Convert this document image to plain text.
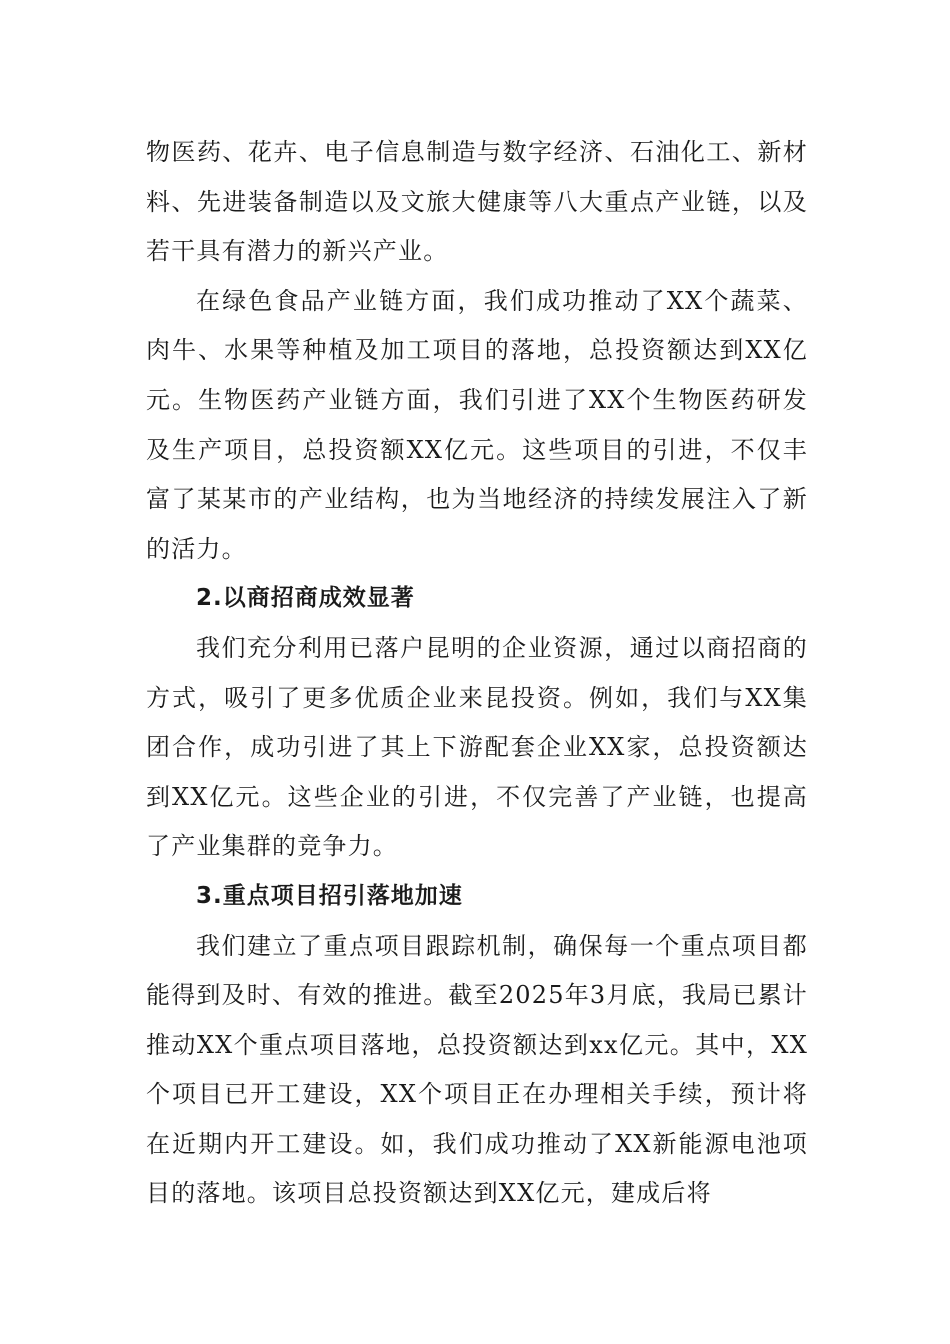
物医药、花卉、电子信息制造与数字经济、石油化工、新材料、先进装备制造以及文旅大健康等八大重点产业链，以及若干具有潜力的新兴产业。

在绿色食品产业链方面，我们成功推动了XX个蔬菜、肉牛、水果等种植及加工项目的落地，总投资额达到XX亿元。生物医药产业链方面，我们引进了XX个生物医药研发及生产项目，总投资额XX亿元。这些项目的引进，不仅丰富了某某市的产业结构，也为当地经济的持续发展注入了新的活力。

2.以商招商成效显著

我们充分利用已落户昆明的企业资源，通过以商招商的方式，吸引了更多优质企业来昆投资。例如，我们与XX集团合作，成功引进了其上下游配套企业XX家，总投资额达到XX亿元。这些企业的引进，不仅完善了产业链，也提高了产业集群的竞争力。

3.重点项目招引落地加速

我们建立了重点项目跟踪机制，确保每一个重点项目都能得到及时、有效的推进。截至2025年3月底，我局已累计推动XX个重点项目落地，总投资额达到xx亿元。其中，XX个项目已开工建设，XX个项目正在办理相关手续，预计将在近期内开工建设。如，我们成功推动了XX新能源电池项目的落地。该项目总投资额达到XX亿元，建成后将
